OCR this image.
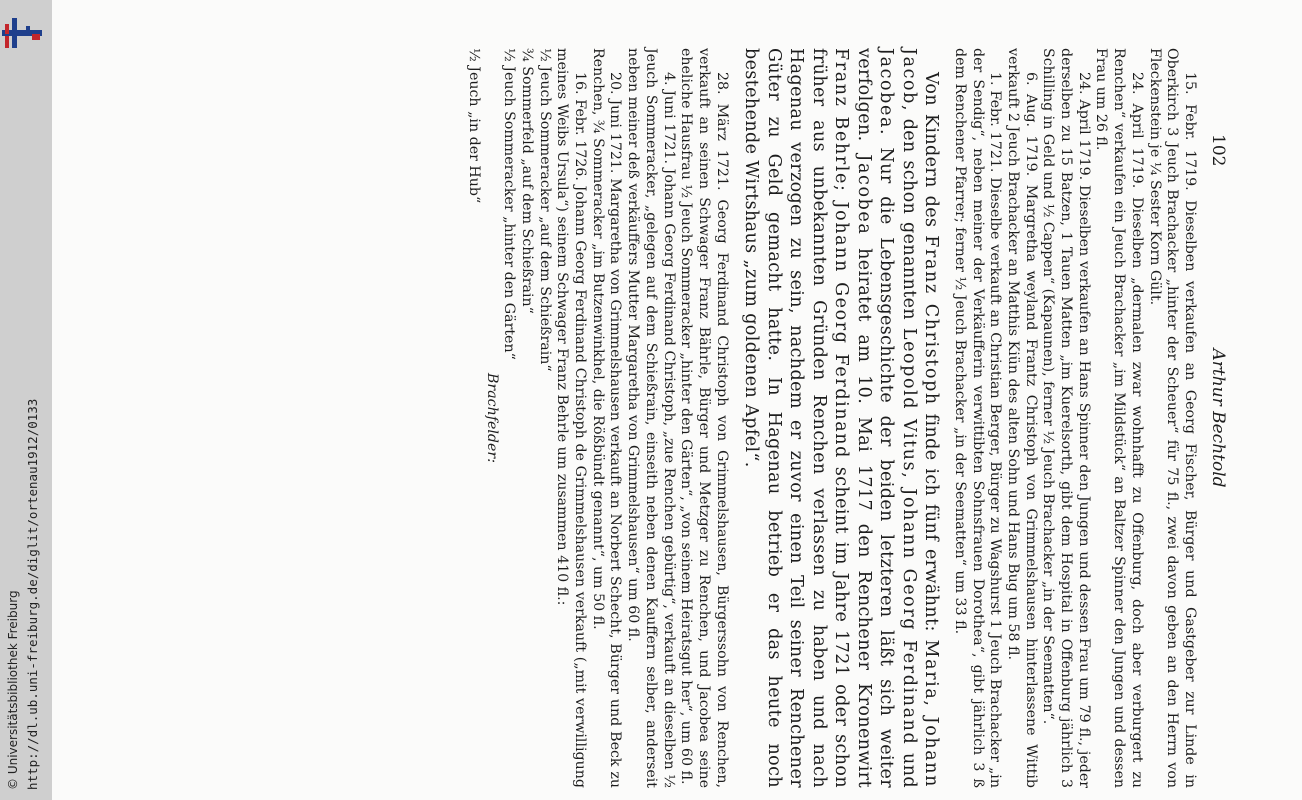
http://dl.ub.uni-freiburg.de/diglit/ortenau1912/0133
© Universitätsbibliothek Freiburg
102
Arthur Bechtold

15. Febr. 1719. Dieselben verkaufen an Georg Fischer, Bürger und Gastgeber zur Linde in Oberkirch 3 Jeuch Brachacker „hinter der Scheuer“ für 75 fl., zwei davon geben an den Herrn von Fleckenstein je ¼ Sester Korn Gült.

24. April 1719. Dieselben „dermalen zwar wohnhafft zu Offenburg, doch aber verburgert zu Renchen“ verkaufen ein Jeuch Brachacker „im Mildstück“ an Baltzer Spinner den Jungen und dessen Frau um 26 fl.

24. April 1719. Dieselben verkaufen an Hans Spinner den Jungen und dessen Frau um 79 fl., jeder derselben zu 15 Batzen, 1 Tauen Matten „im Kuerelsorth, gibt dem Hospital in Offenburg jährlich 3 Schilling in Geld und ½ Cappen“ (Kapaunen), ferner ½ Jeuch Brachacker „in der Seematten“.

6. Aug. 1719. Margretha weyland Frantz Christoph von Grimmelshausen hinterlassene Wittib verkauft 2 Jeuch Brachacker an Matthis Kiün des alten Sohn und Hans Bug um 58 fl.

1. Febr. 1721. Dieselbe verkauft an Christian Berger, Bürger zu Wagshurst 1 Jeuch Brachacker „in der Sendig“, neben meiner der Verkäufferin verwittibten Sohnsfrauen Dorothea“, gibt jährlich 3 ß dem Renchener Pfarrer; ferner ½ Jeuch Brachacker „in der Seematten“ um 33 fl.

Von Kindern des Franz Christoph finde ich fünf erwähnt: Maria, Johann Jacob, den schon genannten Leopold Vitus, Johann Georg Ferdinand und Jacobea. Nur die Lebensgeschichte der beiden letzteren läßt sich weiter verfolgen. Jacobea heiratet am 10. Mai 1717 den Renchener Kronenwirt Franz Behrle; Johann Georg Ferdinand scheint im Jahre 1721 oder schon früher aus unbekannten Gründen Renchen verlassen zu haben und nach Hagenau verzogen zu sein, nachdem er zuvor einen Teil seiner Renchener Güter zu Geld gemacht hatte. In Hagenau betrieb er das heute noch bestehende Wirtshaus „zum goldenen Apfel“.

28. März 1721. Georg Ferdinand Christoph von Grimmelshausen, Bürgerssohn von Renchen, verkauft an seinen Schwager Franz Bährle, Bürger und Metzger zu Renchen, und Jacobea seine eheliche Hausfrau ½ Jeuch Sommeracker „hinter den Gärten“, „von seinem Heiratsgut her“, um 60 fl.

4. Juni 1721. Johann Georg Ferdinand Christoph, „zue Renchen gebürtig“, verkauft an dieselben ½ Jeuch Sommeracker, „gelegen auf dem Schießrain, einseith neben denen Kauffern selber, anderseit neben meiner deß verkäuffers Mutter Margaretha von Grimmelshausen“ um 60 fl.

20. Juni 1721. Margaretha von Grimmelshausen verkauft an Norbert Schecht, Bürger und Beck zu Renchen, ¾ Sommeracker „im Butzenwinkhel, die Rößbündt genannt“, um 50 fl.

16. Febr. 1726. Johann Georg Ferdinand Christoph de Grimmelshausen verkauft („mit verwilligung meines Weibs Ursula“) seinem Schwager Franz Behrle um zusammen 410 fl.:

½ Jeuch Sommeracker „auf dem Schießrain“
¾ Sommerfeld „auf dem Schießrain“
½ Jeuch Sommeracker „hinter den Gärten“
Brachfelder:
½ Jeuch „in der Hub“
